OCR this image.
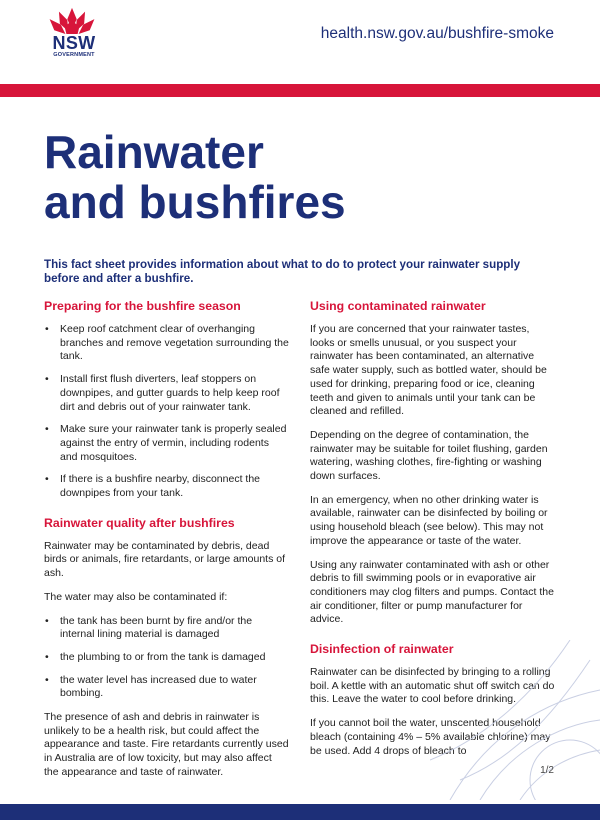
NSW
GOVERNMENT
health.nsw.gov.au/bushfire-smoke
Rainwater
and bushfires

This fact sheet provides information about what to do to protect your rainwater supply before and after a bushfire.

Preparing for the bushfire season
• Keep roof catchment clear of overhanging branches and remove vegetation surrounding the tank.
• Install first flush diverters, leaf stoppers on downpipes, and gutter guards to help keep roof dirt and debris out of your rainwater tank.
• Make sure your rainwater tank is properly sealed against the entry of vermin, including rodents and mosquitoes.
• If there is a bushfire nearby, disconnect the downpipes from your tank.
Rainwater quality after bushfires

Rainwater may be contaminated by debris, dead birds or animals, fire retardants, or large amounts of ash.

The water may also be contaminated if:

• the tank has been burnt by fire and/or the internal lining material is damaged
• the plumbing to or from the tank is damaged
• the water level has increased due to water bombing.

The presence of ash and debris in rainwater is unlikely to be a health risk, but could affect the appearance and taste. Fire retardants currently used in Australia are of low toxicity, but may also affect the appearance and taste of rainwater.

Using contaminated rainwater

If you are concerned that your rainwater tastes, looks or smells unusual, or you suspect your rainwater has been contaminated, an alternative safe water supply, such as bottled water, should be used for drinking, preparing food or ice, cleaning teeth and given to animals until your tank can be cleaned and refilled.

Depending on the degree of contamination, the rainwater may be suitable for toilet flushing, garden watering, washing clothes, fire-fighting or washing down surfaces.

In an emergency, when no other drinking water is available, rainwater can be disinfected by boiling or using household bleach (see below). This may not improve the appearance or taste of the water.

Using any rainwater contaminated with ash or other debris to fill swimming pools or in evaporative air conditioners may clog filters and pumps. Contact the air conditioner, filter or pump manufacturer for advice.

Disinfection of rainwater

Rainwater can be disinfected by bringing to a rolling boil. A kettle with an automatic shut off switch can do this. Leave the water to cool before drinking.

If you cannot boil the water, unscented household bleach (containing 4% – 5% available chlorine) may be used. Add 4 drops of bleach to

1/2
